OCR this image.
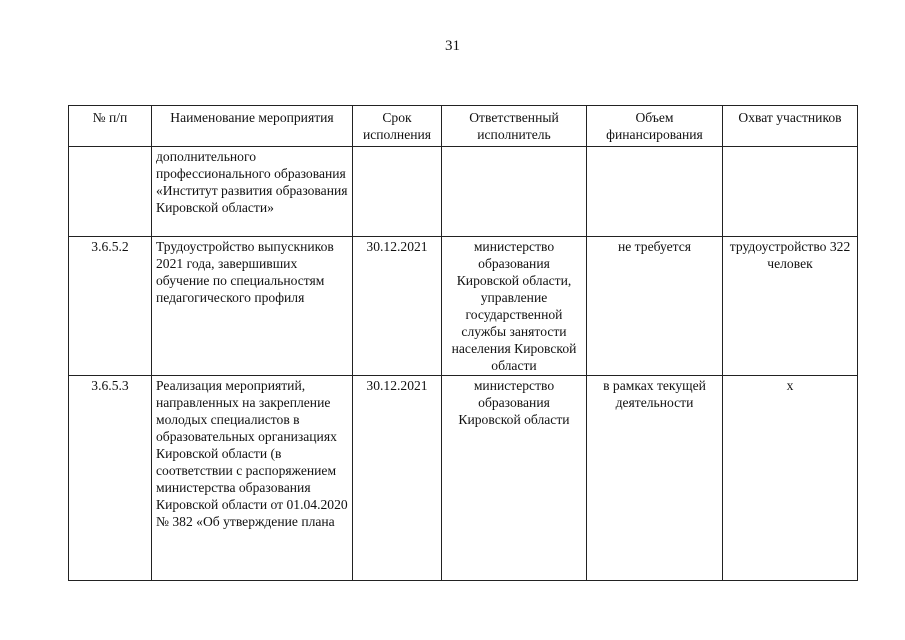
31
№ п/п	Наименование мероприятия	Срок исполнения	Ответственный исполнитель	Объем финансирования	Охват участников
	дополнительного профессионального образования «Институт развития образования Кировской области»				
3.6.5.2	Трудоустройство выпускников 2021 года, завершивших обучение по специальностям педагогического профиля	30.12.2021	министерство образования Кировской области, управление государственной службы занятости населения Кировской области	не требуется	трудоустройство 322 человек
3.6.5.3	Реализация мероприятий, направленных на закрепление молодых специалистов в образовательных организациях Кировской области (в соответствии с распоряжением министерства образования Кировской области от 01.04.2020 № 382 «Об утверждение плана	30.12.2021	министерство образования Кировской области	в рамках текущей деятельности	х
